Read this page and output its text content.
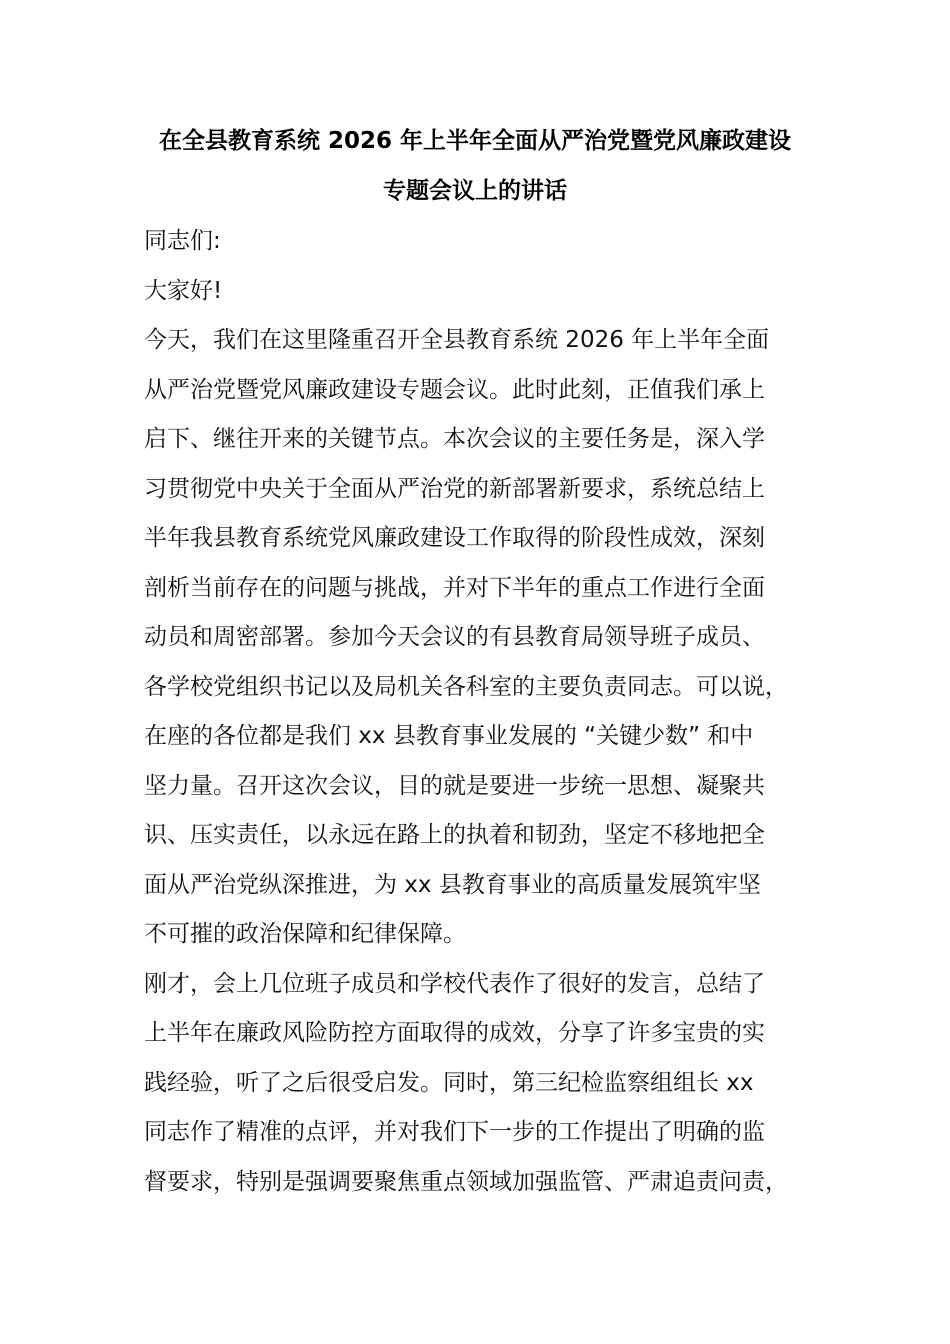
在全县教育系统 2026 年上半年全面从严治党暨党风廉政建设
专题会议上的讲话
同志们:
大家好!
今天，我们在这里隆重召开全县教育系统 2026 年上半年全面
从严治党暨党风廉政建设专题会议。此时此刻，正值我们承上
启下、继往开来的关键节点。本次会议的主要任务是，深入学
习贯彻党中央关于全面从严治党的新部署新要求，系统总结上
半年我县教育系统党风廉政建设工作取得的阶段性成效，深刻
剖析当前存在的问题与挑战，并对下半年的重点工作进行全面
动员和周密部署。参加今天会议的有县教育局领导班子成员、
各学校党组织书记以及局机关各科室的主要负责同志。可以说，
在座的各位都是我们 xx 县教育事业发展的 “关键少数” 和中
坚力量。召开这次会议，目的就是要进一步统一思想、凝聚共
识、压实责任，以永远在路上的执着和韧劲，坚定不移地把全
面从严治党纵深推进，为 xx 县教育事业的高质量发展筑牢坚
不可摧的政治保障和纪律保障。
刚才，会上几位班子成员和学校代表作了很好的发言，总结了
上半年在廉政风险防控方面取得的成效，分享了许多宝贵的实
践经验，听了之后很受启发。同时，第三纪检监察组组长 xx
同志作了精准的点评，并对我们下一步的工作提出了明确的监
督要求，特别是强调要聚焦重点领域加强监管、严肃追责问责，
